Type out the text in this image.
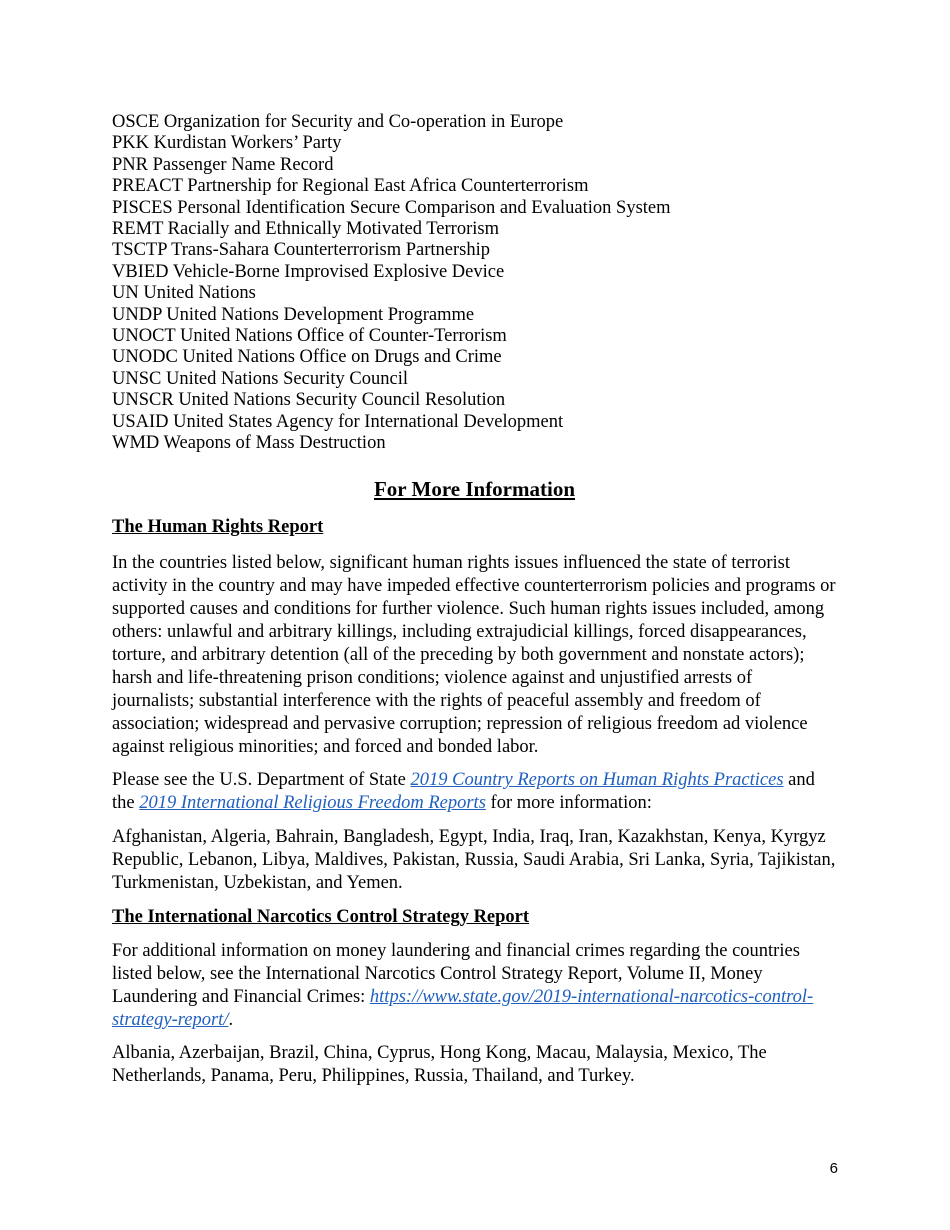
OSCE Organization for Security and Co-operation in Europe
PKK Kurdistan Workers’ Party
PNR Passenger Name Record
PREACT Partnership for Regional East Africa Counterterrorism
PISCES Personal Identification Secure Comparison and Evaluation System
REMT Racially and Ethnically Motivated Terrorism
TSCTP Trans-Sahara Counterterrorism Partnership
VBIED Vehicle-Borne Improvised Explosive Device
UN United Nations
UNDP United Nations Development Programme
UNOCT United Nations Office of Counter-Terrorism
UNODC United Nations Office on Drugs and Crime
UNSC United Nations Security Council
UNSCR United Nations Security Council Resolution
USAID United States Agency for International Development
WMD Weapons of Mass Destruction
For More Information
The Human Rights Report

In the countries listed below, significant human rights issues influenced the state of terrorist activity in the country and may have impeded effective counterterrorism policies and programs or supported causes and conditions for further violence. Such human rights issues included, among others: unlawful and arbitrary killings, including extrajudicial killings, forced disappearances, torture, and arbitrary detention (all of the preceding by both government and nonstate actors); harsh and life-threatening prison conditions; violence against and unjustified arrests of journalists; substantial interference with the rights of peaceful assembly and freedom of association; widespread and pervasive corruption; repression of religious freedom ad violence against religious minorities; and forced and bonded labor.

Please see the U.S. Department of State 2019 Country Reports on Human Rights Practices and the 2019 International Religious Freedom Reports for more information:

Afghanistan, Algeria, Bahrain, Bangladesh, Egypt, India, Iraq, Iran, Kazakhstan, Kenya, Kyrgyz Republic, Lebanon, Libya, Maldives, Pakistan, Russia, Saudi Arabia, Sri Lanka, Syria, Tajikistan, Turkmenistan, Uzbekistan, and Yemen.

The International Narcotics Control Strategy Report

For additional information on money laundering and financial crimes regarding the countries listed below, see the International Narcotics Control Strategy Report, Volume II, Money Laundering and Financial Crimes: https://www.state.gov/2019-international-narcotics-control-strategy-report/.

Albania, Azerbaijan, Brazil, China, Cyprus, Hong Kong, Macau, Malaysia, Mexico, The Netherlands, Panama, Peru, Philippines, Russia, Thailand, and Turkey.

6
